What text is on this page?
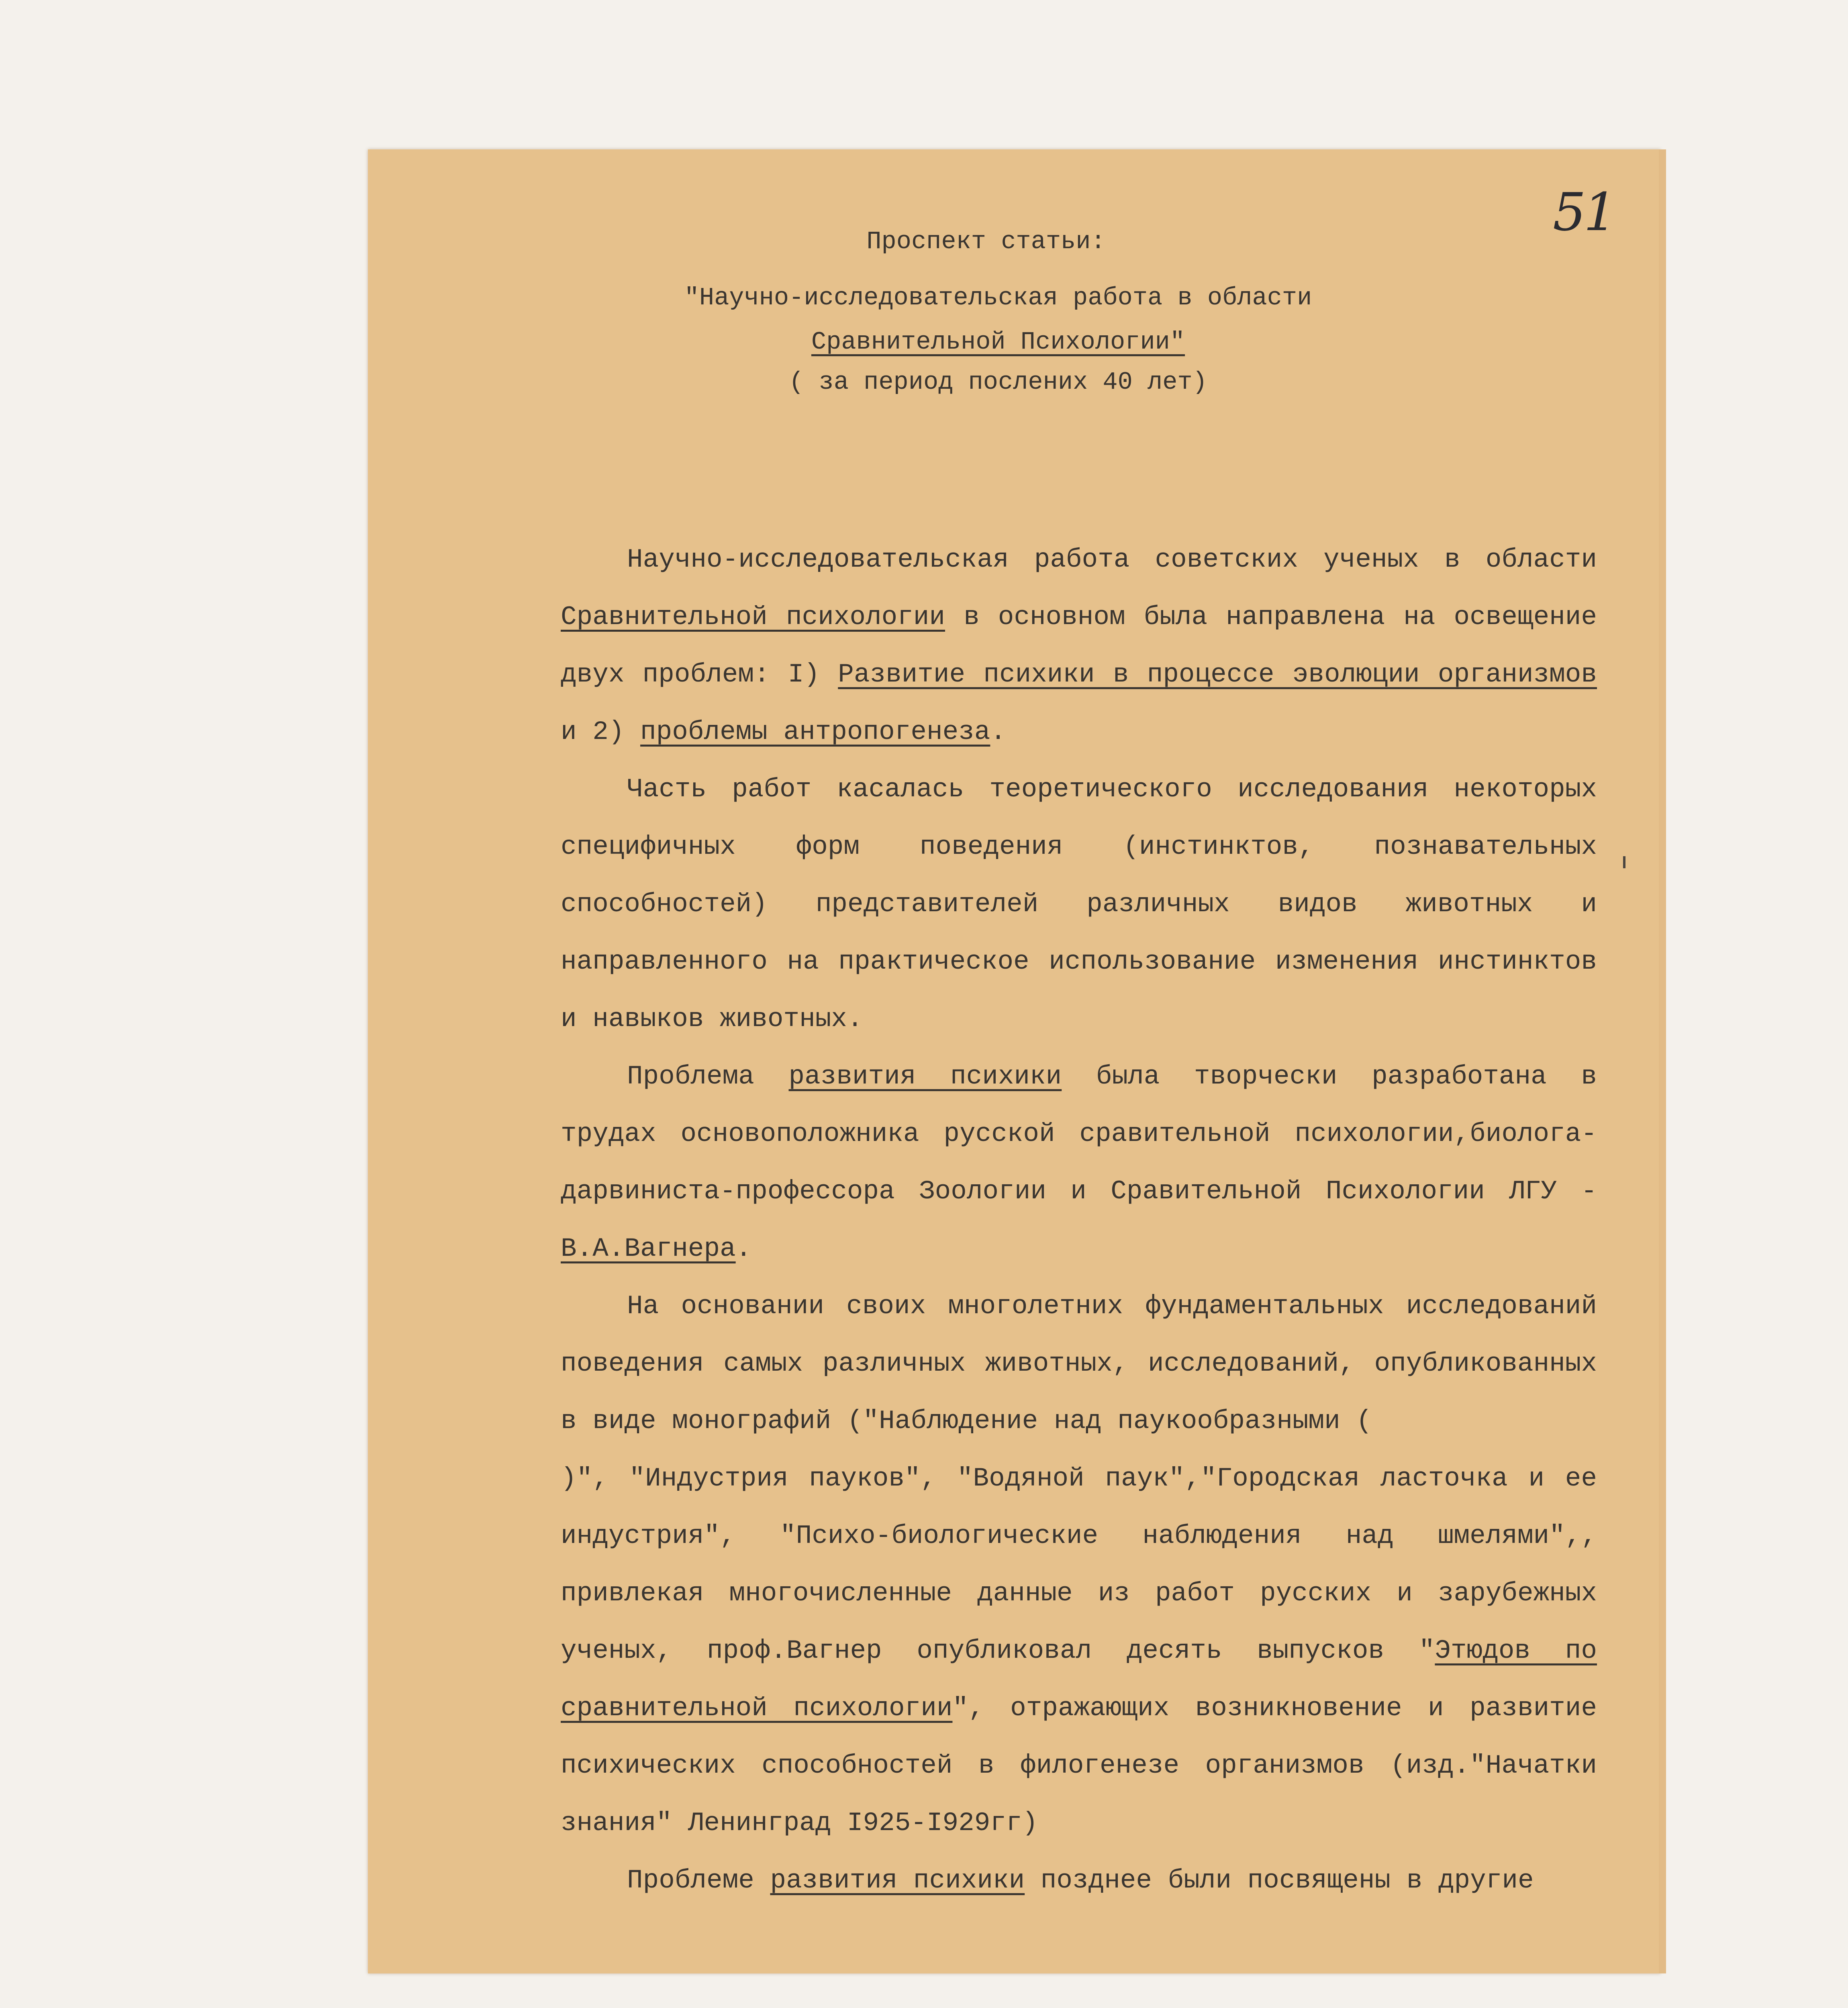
51
Проспект статьи:
"Научно-исследовательская работа в области
Сравнительной Психологии"
( за период послених 40 лет)

Научно-исследовательская работа советских ученых в области Сравнительной психологии в основном была направлена на освещение двух проблем: I) Развитие психики в процессе эволюции организмов и 2) проблемы антропогенеза.

Часть работ касалась теоретического исследования некоторых специфичных форм поведения (инстинктов, познавательных способностей) представителей различных видов животных и направленного на практическое использование изменения инстинктов и навыков животных.

Проблема развития психики была творчески разработана в трудах основоположника русской сравительной психологии,биолога-дарвиниста-профессора Зоологии и Сравительной Психологии ЛГУ - В.А.Вагнера.

На основании своих многолетних фундаментальных исследований поведения самых различных животных, исследований, опубликованных в виде монографий ("Наблюдение над паукообразными ()", "Индустрия пауков", "Водяной паук","Городская ласточка и ее индустрия", "Психо-биологические наблюдения над шмелями",, привлекая многочисленные данные из работ русских и зарубежных ученых, проф.Вагнер опубликовал десять выпусков "Этюдов по сравнительной психологии", отражающих возникновение и развитие психических способностей в филогенезе организмов (изд."Начатки знания" Ленинград I925-I929гг)

Проблеме развития психики позднее были посвящены в другие
